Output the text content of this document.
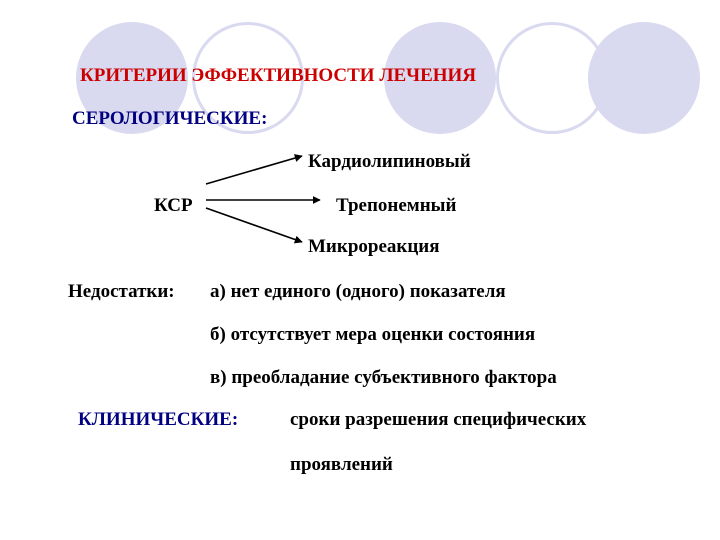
КРИТЕРИИ ЭФФЕКТИВНОСТИ ЛЕЧЕНИЯ
СЕРОЛОГИЧЕСКИЕ:
Кардиолипиновый
Трепонемный
Микрореакция
КСР
Недостатки: а) нет единого (одного) показателя
б) отсутствует мера оценки состояния
в) преобладание субъективного фактора
КЛИНИЧЕСКИЕ:	сроки разрешения специфических
проявлений
